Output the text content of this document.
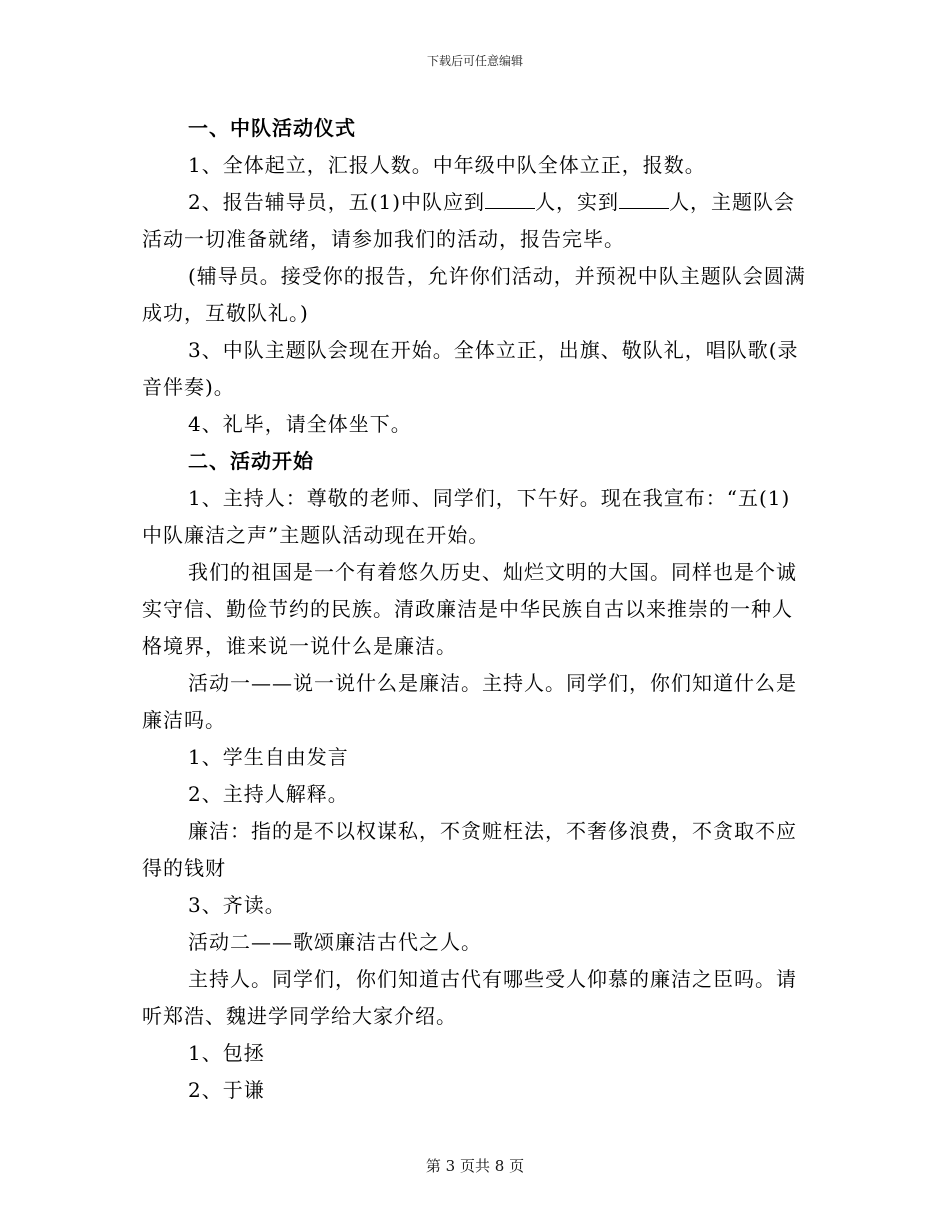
下载后可任意编辑

一、中队活动仪式

1、全体起立，汇报人数。中年级中队全体立正，报数。

2、报告辅导员，五(1)中队应到	人，实到	人，主题队会活动一切准备就绪，请参加我们的活动，报告完毕。

(辅导员。接受你的报告，允许你们活动，并预祝中队主题队会圆满成功，互敬队礼。)

3、中队主题队会现在开始。全体立正，出旗、敬队礼，唱队歌(录音伴奏)。

4、礼毕，请全体坐下。

二、活动开始

1、主持人：尊敬的老师、同学们，下午好。现在我宣布：“五(1)中队廉洁之声”主题队活动现在开始。

我们的祖国是一个有着悠久历史、灿烂文明的大国。同样也是个诚实守信、勤俭节约的民族。清政廉洁是中华民族自古以来推崇的一种人格境界，谁来说一说什么是廉洁。

活动一——说一说什么是廉洁。主持人。同学们，你们知道什么是廉洁吗。

1、学生自由发言

2、主持人解释。

廉洁：指的是不以权谋私，不贪赃枉法，不奢侈浪费，不贪取不应得的钱财

3、齐读。

活动二——歌颂廉洁古代之人。

主持人。同学们，你们知道古代有哪些受人仰慕的廉洁之臣吗。请听郑浩、魏进学同学给大家介绍。

1、包拯

2、于谦

第 3 页共 8 页
